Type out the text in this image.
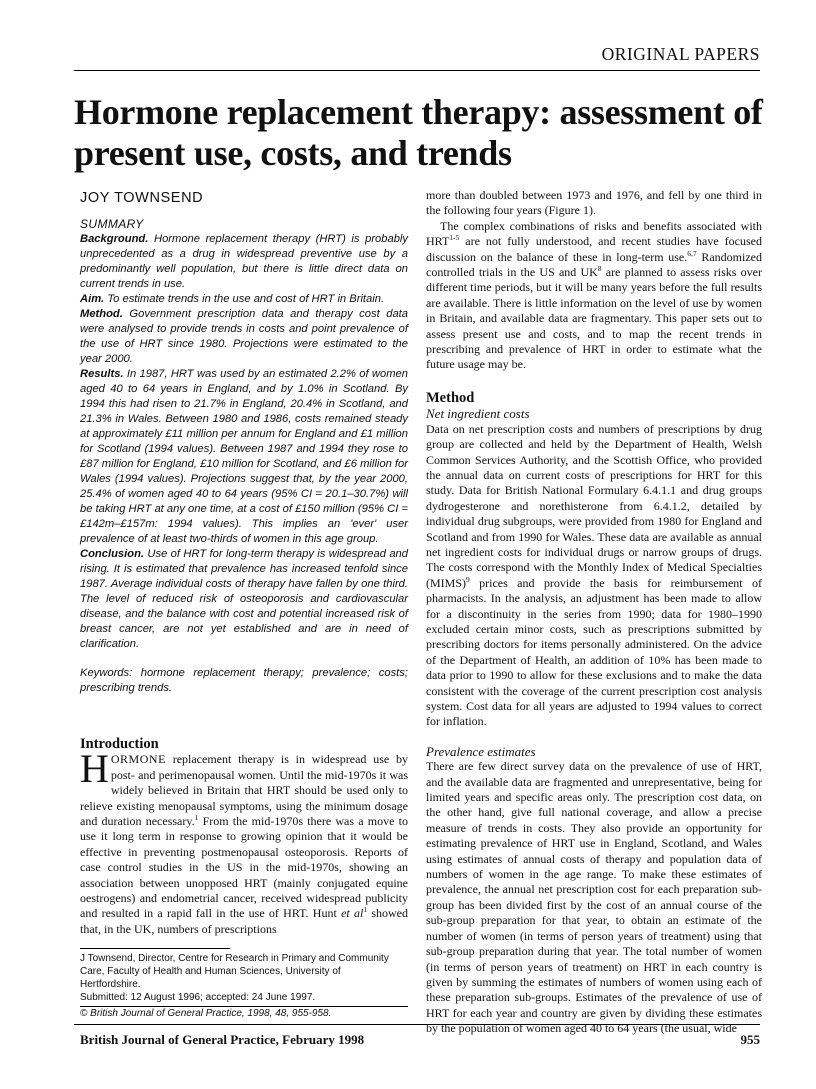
ORIGINAL PAPERS
Hormone replacement therapy: assessment of present use, costs, and trends
JOY TOWNSEND

SUMMARY

Background. Hormone replacement therapy (HRT) is probably unprecedented as a drug in widespread preventive use by a predominantly well population, but there is little direct data on current trends in use.

Aim. To estimate trends in the use and cost of HRT in Britain.

Method. Government prescription data and therapy cost data were analysed to provide trends in costs and point prevalence of the use of HRT since 1980. Projections were estimated to the year 2000.

Results. In 1987, HRT was used by an estimated 2.2% of women aged 40 to 64 years in England, and by 1.0% in Scotland. By 1994 this had risen to 21.7% in England, 20.4% in Scotland, and 21.3% in Wales. Between 1980 and 1986, costs remained steady at approximately £11 million per annum for England and £1 million for Scotland (1994 values). Between 1987 and 1994 they rose to £87 million for England, £10 million for Scotland, and £6 million for Wales (1994 values). Projections suggest that, by the year 2000, 25.4% of women aged 40 to 64 years (95% CI = 20.1–30.7%) will be taking HRT at any one time, at a cost of £150 million (95% CI = £142m–£157m: 1994 values). This implies an 'ever' user prevalence of at least two-thirds of women in this age group.

Conclusion. Use of HRT for long-term therapy is widespread and rising. It is estimated that prevalence has increased tenfold since 1987. Average individual costs of therapy have fallen by one third. The level of reduced risk of osteoporosis and cardiovascular disease, and the balance with cost and potential increased risk of breast cancer, are not yet established and are in need of clarification.

Keywords: hormone replacement therapy; prevalence; costs; prescribing trends.

Introduction

HORMONE replacement therapy is in widespread use by post- and perimenopausal women. Until the mid-1970s it was widely believed in Britain that HRT should be used only to relieve existing menopausal symptoms, using the minimum dosage and duration necessary.$^1$ From the mid-1970s there was a move to use it long term in response to growing opinion that it would be effective in preventing postmenopausal osteoporosis. Reports of case control studies in the US in the mid-1970s, showing an association between unopposed HRT (mainly conjugated equine oestrogens) and endometrial cancer, received widespread publicity and resulted in a rapid fall in the use of HRT. Hunt et $al^1$ showed that, in the UK, numbers of prescriptions

J Townsend, Director, Centre for Research in Primary and Community Care, Faculty of Health and Human Sciences, University of Hertfordshire.

Submitted: 12 August 1996; accepted: 24 June 1997.

© British Journal of General Practice, 1998, 48, 955-958.

more than doubled between 1973 and 1976, and fell by one third in the following four years (Figure 1).

The complex combinations of risks and benefits associated with HRT$^{1-5}$ are not fully understood, and recent studies have focused discussion on the balance of these in long-term use.$^{6,7}$ Randomized controlled trials in the US and $UK^8$ are planned to assess risks over different time periods, but it will be many years before the full results are available. There is little information on the level of use by women in Britain, and available data are fragmentary. This paper sets out to assess present use and costs, and to map the recent trends in prescribing and prevalence of HRT in order to estimate what the future usage may be.

Method

Net ingredient costs

Data on net prescription costs and numbers of prescriptions by drug group are collected and held by the Department of Health, Welsh Common Services Authority, and the Scottish Office, who provided the annual data on current costs of prescriptions for HRT for this study. Data for British National Formulary 6.4.1.1 and drug groups dydrogesterone and norethisterone from 6.4.1.2, detailed by individual drug subgroups, were provided from 1980 for England and Scotland and from 1990 for Wales. These data are available as annual net ingredient costs for individual drugs or narrow groups of drugs. The costs correspond with the Monthly Index of Medical Specialties (MIMS)$^9$ prices and provide the basis for reimbursement of pharmacists. In the analysis, an adjustment has been made to allow for a discontinuity in the series from 1990; data for 1980–1990 excluded certain minor costs, such as prescriptions submitted by prescribing doctors for items personally administered. On the advice of the Department of Health, an addition of 10% has been made to data prior to 1990 to allow for these exclusions and to make the data consistent with the coverage of the current prescription cost analysis system. Cost data for all years are adjusted to 1994 values to correct for inflation.

Prevalence estimates

There are few direct survey data on the prevalence of use of HRT, and the available data are fragmented and unrepresentative, being for limited years and specific areas only. The prescription cost data, on the other hand, give full national coverage, and allow a precise measure of trends in costs. They also provide an opportunity for estimating prevalence of HRT use in England, Scotland, and Wales using estimates of annual costs of therapy and population data of numbers of women in the age range. To make these estimates of prevalence, the annual net prescription cost for each preparation sub-group has been divided first by the cost of an annual course of the sub-group preparation for that year, to obtain an estimate of the number of women (in terms of person years of treatment) using that sub-group preparation during that year. The total number of women (in terms of person years of treatment) on HRT in each country is given by summing the estimates of numbers of women using each of these preparation sub-groups. Estimates of the prevalence of use of HRT for each year and country are given by dividing these estimates by the population of women aged 40 to 64 years (the usual, wide

British Journal of General Practice, February 1998	955
